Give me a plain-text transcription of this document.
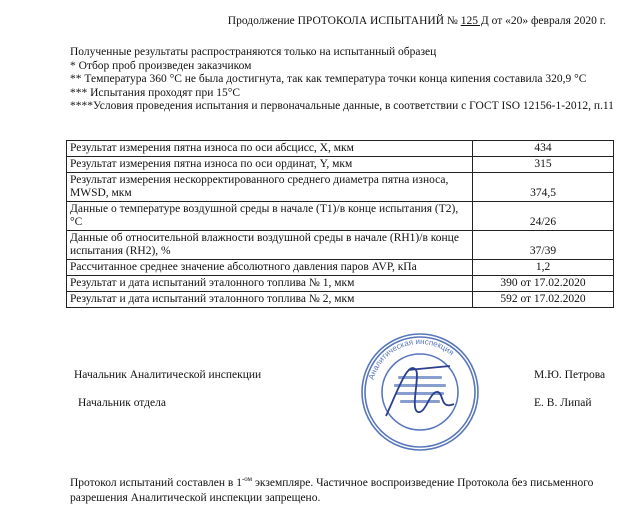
Продолжение ПРОТОКОЛА ИСПЫТАНИЙ № 125 Д от «20» февраля 2020 г.
Полученные результаты распространяются только на испытанный образец
* Отбор проб произведен заказчиком
** Температура 360 °С не была достигнута, так как температура точки конца кипения составила 320,9 °С
*** Испытания проходят при 15°С
****Условия проведения испытания и первоначальные данные, в соответствии с ГОСТ ISO 12156-1-2012, п.11
Результат измерения пятна износа по оси абсцисс, X, мкм	434
Результат измерения пятна износа по оси ординат, Y, мкм	315
Результат измерения нескорректированного среднего диаметра пятна износа, MWSD, мкм	374,5
Данные о температуре воздушной среды в начале (T1)/в конце испытания (T2), °С	24/26
Данные об относительной влажности воздушной среды в начале (RH1)/в конце испытания (RH2), %	37/39
Рассчитанное среднее значение абсолютного давления паров AVP, кПа	1,2
Результат и дата испытаний эталонного топлива № 1, мкм	390 от 17.02.2020
Результат и дата испытаний эталонного топлива № 2, мкм	592 от 17.02.2020
Начальник Аналитической инспекции	М.Ю. Петрова
Начальник отдела	Е. В. Липай
Аналитическая инспекция
Протокол испытаний составлен в $1^{-ом}$ экземпляре. Частичное воспроизведение Протокола без письменного разрешения Аналитической инспекции запрещено.
